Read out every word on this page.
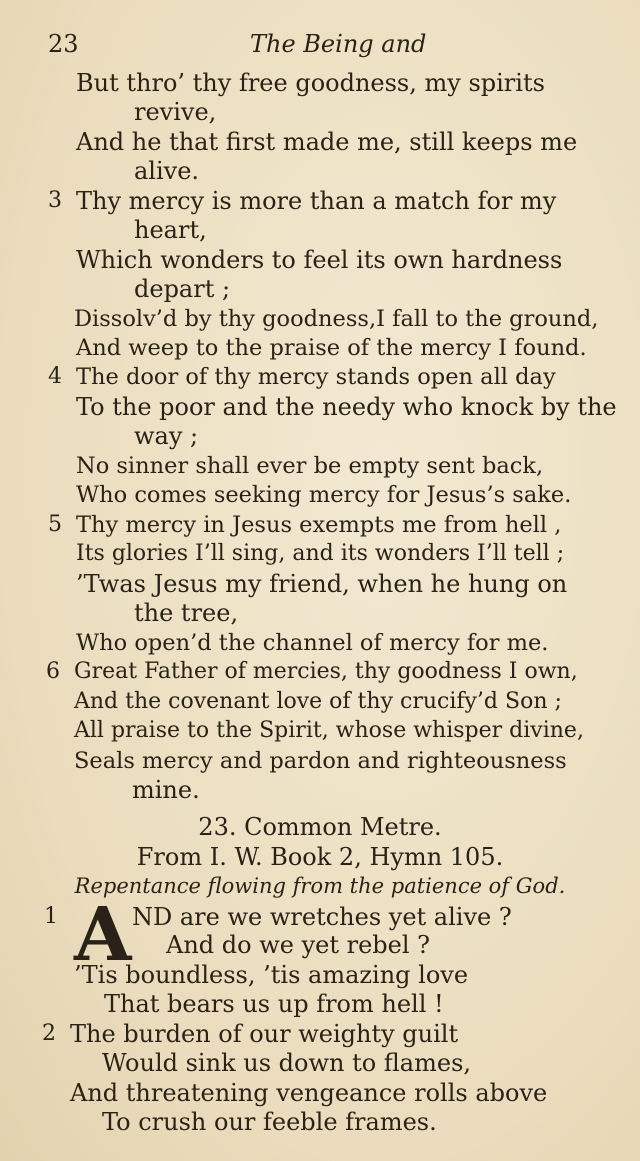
23	The Being and
But thro’ thy free goodness, my spirits
revive,
And he that first made me, still keeps me
alive.
3 Thy mercy is more than a match for my
heart,
Which wonders to feel its own hardness
depart ;
Dissolv’d by thy goodness,I fall to the ground,
And weep to the praise of the mercy I found.
4 The door of thy mercy stands open all day
To the poor and the needy who knock by the
way ;
No sinner shall ever be empty sent back,
Who comes seeking mercy for Jesus’s sake.
5 Thy mercy in Jesus exempts me from hell ,
Its glories I’ll sing, and its wonders I’ll tell ;
’Twas Jesus my friend, when he hung on
the tree,
Who open’d the channel of mercy for me.
6 Great Father of mercies, thy goodness I own,
And the covenant love of thy crucify’d Son ;
All praise to the Spirit, whose whisper divine,
Seals mercy and pardon and righteousness
mine.
23. Common Metre.
From I. W. Book 2, Hymn 105.
Repentance flowing from the patience of God.
1 A ND are we wretches yet alive ?
And do we yet rebel ?
’Tis boundless, ’tis amazing love
That bears us up from hell !
2 The burden of our weighty guilt
Would sink us down to flames,
And threatening vengeance rolls above
To crush our feeble frames.
